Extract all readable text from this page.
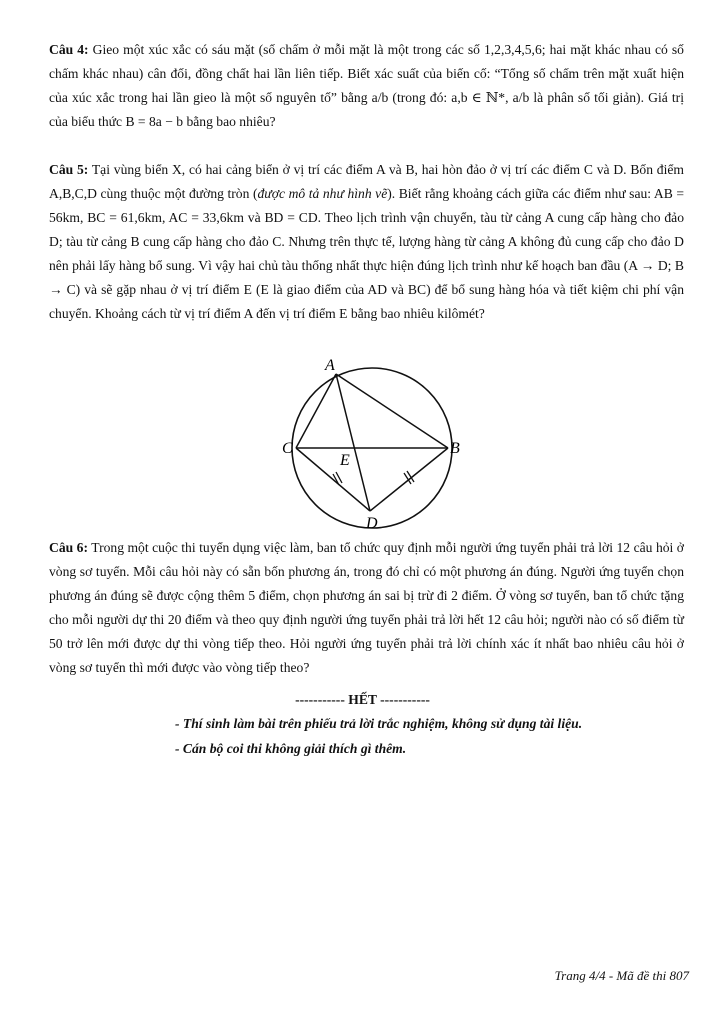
Câu 4: Gieo một xúc xắc có sáu mặt (số chấm ở mỗi mặt là một trong các số 1,2,3,4,5,6; hai mặt khác nhau có số chấm khác nhau) cân đối, đồng chất hai lần liên tiếp. Biết xác suất của biến cố: “Tổng số chấm trên mặt xuất hiện của xúc xắc trong hai lần gieo là một số nguyên tố” bằng a/b (trong đó: a,b ∈ ℕ*, a/b là phân số tối giản). Giá trị của biểu thức B = 8a − b bằng bao nhiêu?

Câu 5: Tại vùng biển X, có hai cảng biển ở vị trí các điểm A và B, hai hòn đảo ở vị trí các điểm C và D. Bốn điểm A,B,C,D cùng thuộc một đường tròn (được mô tả như hình vẽ). Biết rằng khoảng cách giữa các điểm như sau: AB = 56km, BC = 61,6km, AC = 33,6km và BD = CD. Theo lịch trình vận chuyển, tàu từ cảng A cung cấp hàng cho đảo D; tàu từ cảng B cung cấp hàng cho đảo C. Nhưng trên thực tế, lượng hàng từ cảng A không đủ cung cấp cho đảo D nên phải lấy hàng bổ sung. Vì vậy hai chủ tàu thống nhất thực hiện đúng lịch trình như kế hoạch ban đầu (A → D; B → C) và sẽ gặp nhau ở vị trí điểm E (E là giao điểm của AD và BC) để bổ sung hàng hóa và tiết kiệm chi phí vận chuyển. Khoảng cách từ vị trí điểm A đến vị trí điểm E bằng bao nhiêu kilômét?

A
B
C
D
E

Câu 6: Trong một cuộc thi tuyển dụng việc làm, ban tổ chức quy định mỗi người ứng tuyển phải trả lời 12 câu hỏi ở vòng sơ tuyển. Mỗi câu hỏi này có sẵn bốn phương án, trong đó chỉ có một phương án đúng. Người ứng tuyển chọn phương án đúng sẽ được cộng thêm 5 điểm, chọn phương án sai bị trừ đi 2 điểm. Ở vòng sơ tuyển, ban tổ chức tặng cho mỗi người dự thi 20 điểm và theo quy định người ứng tuyển phải trả lời hết 12 câu hỏi; người nào có số điểm từ 50 trở lên mới được dự thi vòng tiếp theo. Hỏi người ứng tuyển phải trả lời chính xác ít nhất bao nhiêu câu hỏi ở vòng sơ tuyển thì mới được vào vòng tiếp theo?

----------- HẾT -----------
- Thí sinh làm bài trên phiếu trả lời trắc nghiệm, không sử dụng tài liệu.
- Cán bộ coi thi không giải thích gì thêm.
Trang 4/4 - Mã đề thi 807
